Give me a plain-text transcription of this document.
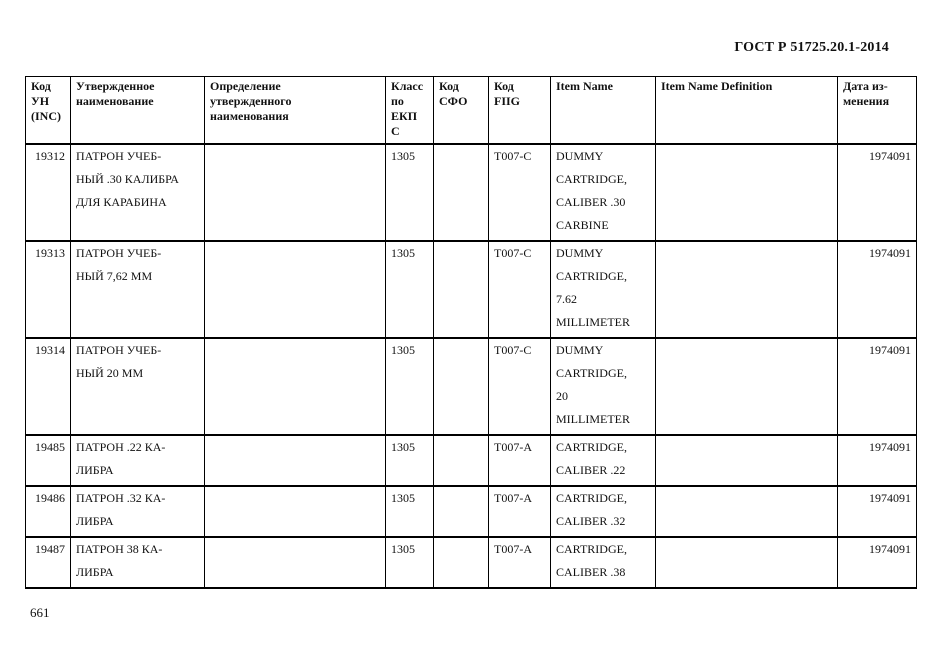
ГОСТ Р 51725.20.1-2014
Код
УН
(INC)	Утвержденное
наименование	Определение
утвержденного
наименования	Класс
по
ЕКП
С	Код
СФО	Код
FIIG	Item Name	Item Name Definition	Дата из-
менения

19312	ПАТРОН УЧЕБ-
НЫЙ .30 КАЛИБРА
ДЛЯ КАРАБИНА		1305		T007-C	DUMMY
CARTRIDGE,
CALIBER .30
CARBINE		1974091
19313	ПАТРОН УЧЕБ-
НЫЙ 7,62 ММ		1305		T007-C	DUMMY
CARTRIDGE,
7.62
MILLIMETER		1974091
19314	ПАТРОН УЧЕБ-
НЫЙ 20 ММ		1305		T007-C	DUMMY
CARTRIDGE,
20
MILLIMETER		1974091
19485	ПАТРОН .22 КА-
ЛИБРА		1305		T007-A	CARTRIDGE,
CALIBER .22		1974091
19486	ПАТРОН .32 КА-
ЛИБРА		1305		T007-A	CARTRIDGE,
CALIBER .32		1974091
19487	ПАТРОН 38 КА-
ЛИБРА		1305		T007-A	CARTRIDGE,
CALIBER .38		1974091
661
